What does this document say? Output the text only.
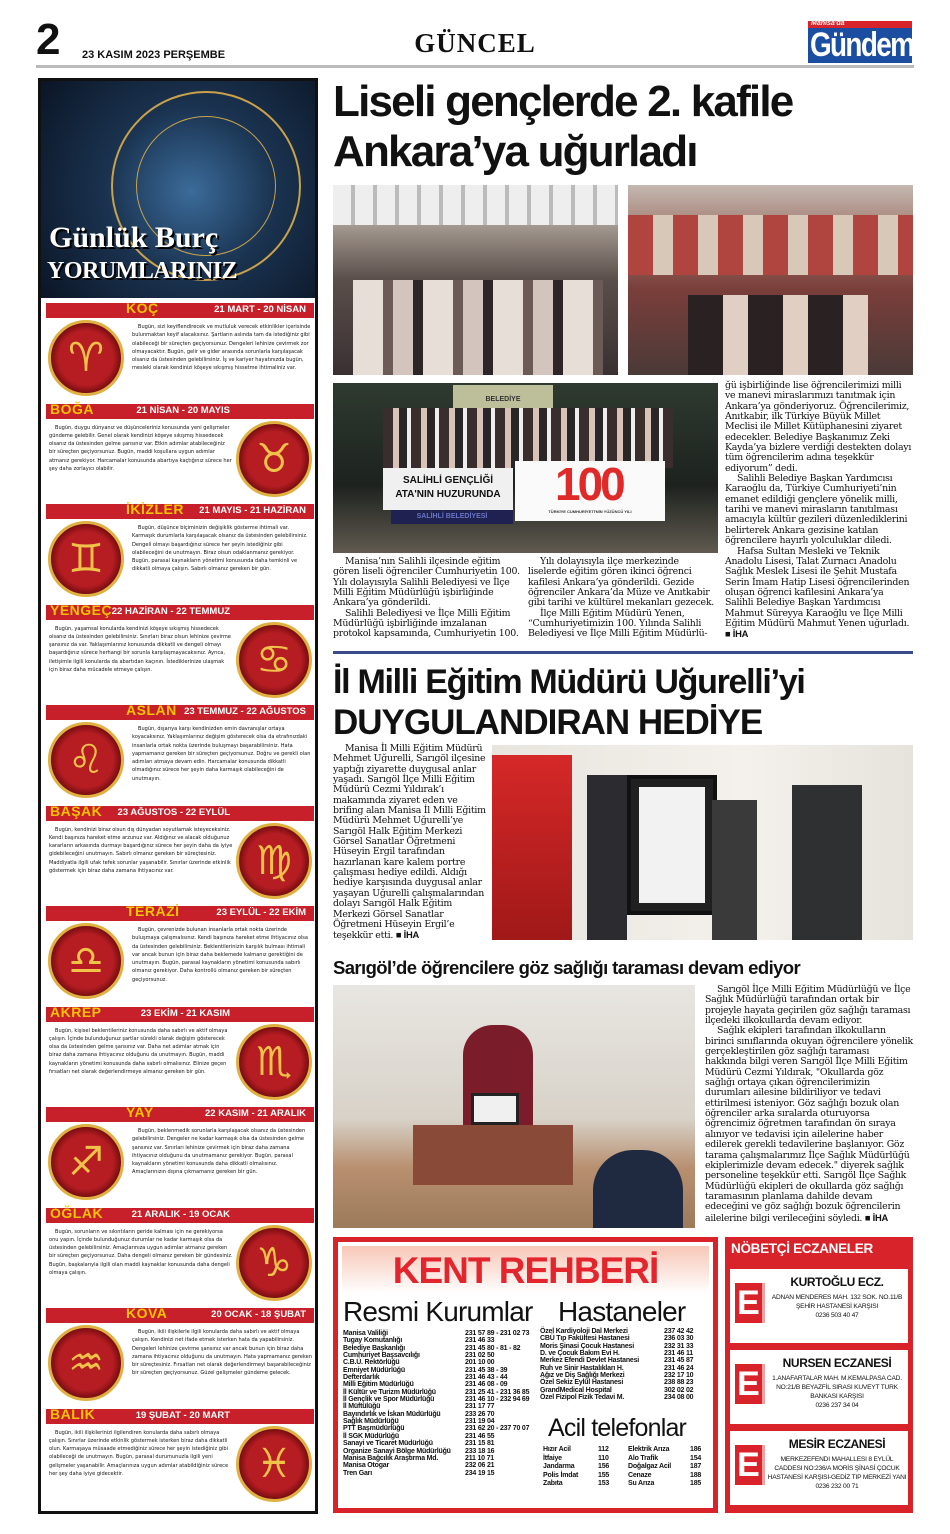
2 23 KASIM 2023 PERŞEMBE	GÜNCEL
Manisa'da
Gündem
Günlük Burç
YORUMLARINIZ
KOÇ	21 MART - 20 NİSAN
♈
Bugün, sizi keyiflendirecek ve mutluluk verecek etkinlikler içerisinde bulunmaktan keyif alacaksınız. Şartların aslında tam da istediğiniz gibi olabileceği bir süreçten geçiyorsunuz. Dengeleri lehinize çevirmek zor olmayacaktır. Bugün, gelir ve gider arasında sorunlarla karşılaşacak olsanız da üstesinden gelebilirsiniz. İş ve kariyer hayatınızda bugün, mesleki olarak kendinizi köşeye sıkışmış hissetme ihtimaliniz var.
BOĞA	21 NİSAN - 20 MAYIS
♉
Bugün, duygu dünyanız ve düşünceleriniz konusunda yeni gelişmeler gündeme gelebilir. Genel olarak kendinizi köşeye sıkışmış hissedecek olsanız da üstesinden gelme şansınız var. Etkin adımlar atabileceğiniz bir süreçten geçiyorsunuz. Bugün, maddi koşullara uygun adımlar atmanız gerekiyor. Harcamalar konusunda abartıya kaçtığınız sürece her şey daha zorlayıcı olabilir.
İKİZLER 21 MAYIS - 21 HAZİRAN
♊
Bugün, düşünce biçiminizin değişiklik gösterme ihtimali var. Karmaşık durumlarla karşılaşacak olsanız da üstesinden gelebilirsiniz. Dengeli olmayı başardığınız sürece her şeyin istediğiniz gibi olabileceğini de unutmayın. Biraz olsun odaklanmanız gerekiyor. Bugün, parasal kaynakların yönetimi konusunda daha temkinli ve dikkatli olmaya çalışın. Sabırlı olmanız gereken bir gün.
YENGEÇ 22 HAZİRAN - 22 TEMMUZ
♋
Bugün, yaşamsal konularda kendinizi köşeye sıkışmış hissedecek olsanız da üstesinden gelebilirsiniz. Sınırları biraz olsun lehinize çevirme şansınız da var. Yaklaşımlarınız konusunda dikkatli ve dengeli olmayı başardığınız sürece herhangi bir sorunla karşılaşmayacaksınız. Ayrıca, iletişimle ilgili konularda da abartıdan kaçının. İstediklerinize ulaşmak için biraz daha mücadele etmeye çalışın.
ASLAN 23 TEMMUZ - 22 AĞUSTOS
♌
Bugün, dışarıya karşı kendinizden emin davranışlar ortaya koyacaksınız. Yaklaşımlarınız değişim gösterecek olsa da etrafınızdaki insanlarla ortak nokta üzerinde buluşmayı başarabilirsiniz. Hata yapmamanız gereken bir süreçten geçiyorsunuz. Doğru ve gerekli olan adımları atmaya devam edin. Harcamalar konusunda dikkatli olmadığınız sürece her şeyin daha karmaşık olabileceğini de unutmayın.
BAŞAK 23 AĞUSTOS - 22 EYLÜL
♍
Bugün, kendinizi biraz olsun dış dünyadan soyutlamak isteyeceksiniz. Kendi başınıza hareket etme arzunuz var. Aldığınız ve alacak olduğunuz kararların arkasında durmayı başardığınız sürece her şeyin daha da iyiye gidebileceğini unutmayın. Sabırlı olmanız gereken bir süreçtesiniz. Maddiyatla ilgili ufak tefek sorunlar yaşanabilir. Sınırlar üzerinde etkinlik göstermek için biraz daha zamana ihtiyacınız var.
TERAZİ	23 EYLÜL - 22 EKİM
♎
Bugün, çevrenizde bulunan insanlarla ortak nokta üzerinde buluşmaya çalışmalısınız. Kendi başınıza hareket etme ihtiyacınız olsa da üstesinden gelebilirsiniz. Beklentilerinizin karşılık bulması ihtimali var ancak bunun için biraz daha beklemede kalmanız gerektiğini de unutmayın. Bugün, parasal kaynakların yönetimi konusunda sabırlı olmanız gerekiyor. Daha kontrollü olmanız gereken bir süreçten geçiyorsunuz.
AKREP	23 EKİM - 21 KASIM
♏
Bugün, kişisel beklentileriniz konusunda daha sabırlı ve aktif olmaya çalışın. İçinde bulunduğunuz şartlar sürekli olarak değişim gösterecek olsa da üstesinden gelme şansınız var. Daha net adımlar atmak için biraz daha zamana ihtiyacınız olduğunu da unutmayın. Bugün, maddi kaynakların yönetimi konusunda daha sabırlı olmalısınız. Elinize geçen fırsatları net olarak değerlendirmeye almanız gereken bir gün.
YAY	22 KASIM - 21 ARALIK
♐
Bugün, beklenmedik sorunlarla karşılaşacak olsanız da üstesinden gelebilirsiniz. Dengeler ne kadar karmaşık olsa da üstesinden gelme şansınız var. Sınırları lehinize çevirmek için biraz daha zamana ihtiyacınız olduğunu da unutmamanız gerekiyor. Bugün, parasal kaynakların yönetimi konusunda daha dikkatli olmalısınız. Amaçlarınızın dışına çıkmamanız gereken bir gün.
OĞLAK	21 ARALIK - 19 OCAK
♑
Bugün, sorunların ve sıkıntıların geride kalması için ne gerekiyorsa onu yapın. İçinde bulunduğunuz durumlar ne kadar karmaşık olsa da üstesinden gelebilirsiniz. Amaçlarınıza uygun adımlar atmanız gereken bir süreçten geçiyorsunuz. Daha dengeli olmanız gereken bir gündesiniz. Bugün, başkalarıyla ilgili olan maddi kaynaklar konusunda daha dengeli olmaya çalışın.
KOVA	20 OCAK - 18 ŞUBAT
♒
Bugün, ikili ilişkilerle ilgili konularda daha sabırlı ve aktif olmaya çalışın. Kendinizi net ifade etmek isterken hata da yapabilirsiniz. Dengeleri lehinize çevirme şansınız var ancak bunun için biraz daha zamana ihtiyacınız olduğunu da unutmayın. Hata yapmamanız gereken bir süreçtesiniz. Fırsatları net olarak değerlendirmeyi başarabileceğiniz bir süreçten geçiyorsunuz. Güzel gelişmeler gündeme gelecek.
BALIK	19 ŞUBAT - 20 MART
♓
Bugün, ikili ilişkilerinizi ilgilendiren konularda daha sabırlı olmaya çalışın. Sınırlar üzerinde etkinlik göstermek isterken biraz daha dikkatli olun. Karmaşaya müsaade etmediğiniz sürece her şeyin istediğiniz gibi olabileceği de unutmayın. Bugün, parasal durumunuzla ilgili yeni gelişmeler yaşanabilir. Amaçlarınıza uygun adımlar atabildiğiniz sürece her şey daha iyiye gidecektir.
Liseli gençlerde 2. kafile
Ankara’ya uğurladı
BELEDİYE
SALİHLİ GENÇLİĞİ
ATA'NIN HUZURUNDA
SALİHLİ BELEDİYESİ
100
TÜRKİYE CUMHURİYETİ'NİN YÜZÜNCÜ YILI

Manisa’nın Salihli ilçesinde eğitim gören liseli öğrenciler Cumhuriyetin 100. Yılı dolayısıyla Salihli Belediyesi ve İlçe Milli Eğitim Müdürlüğü işbirliğinde Ankara’ya gönderildi.

Salihli Belediyesi ve İlçe Milli Eğitim Müdürlüğü işbirliğinde imzalanan protokol kapsamında, Cumhuriyetin 100.

Yılı dolayısıyla ilçe merkezinde liselerde eğitim gören ikinci öğrenci kafilesi Ankara’ya gönderildi. Gezide öğrenciler Ankara’da Müze ve Anıtkabir gibi tarihi ve kültürel mekanları gezecek.

İlçe Milli Eğitim Müdürü Yenen, “Cumhuriyetimizin 100. Yılında Salihli Belediyesi ve İlçe Milli Eğitim Müdürlü-

ğü işbirliğinde lise öğrencilerimizi milli ve manevi miraslarımızı tanıtmak için Ankara’ya gönderiyoruz. Öğrencilerimiz, Anıtkabir, ilk Türkiye Büyük Millet Meclisi ile Millet Kütüphanesini ziyaret edecekler. Belediye Başkanımız Zeki Kayda’ya bizlere verdiği destekten dolayı tüm öğrencilerim adına teşekkür ediyorum” dedi.

Salihli Belediye Başkan Yardımcısı Karaoğlu da, Türkiye Cumhuriyeti’nin emanet edildiği gençlere yönelik milli, tarihi ve manevi mirasların tanıtılması amacıyla kültür gezileri düzenlediklerini belirterek Ankara gezisine katılan öğrencilere hayırlı yolculuklar diledi.

Hafsa Sultan Mesleki ve Teknik Anadolu Lisesi, Talat Zurnacı Anadolu Sağlık Meslek Lisesi ile Şehit Mustafa Serin İmam Hatip Lisesi öğrencilerinden oluşan öğrenci kafilesini Ankara’ya Salihli Belediye Başkan Yardımcısı Mahmut Süreyya Karaoğlu ve İlçe Milli Eğitim Müdürü Mahmut Yenen uğurladı. ■ İHA

İl Milli Eğitim Müdürü Uğurelli’yi
DUYGULANDIRAN HEDİYE

Manisa İl Milli Eğitim Müdürü Mehmet Uğurelli, Sarıgöl ilçesine yaptığı ziyarette duygusal anlar yaşadı. Sarıgöl İlçe Milli Eğitim Müdürü Cezmi Yıldırak’ı makamında ziyaret eden ve brifing alan Manisa İl Milli Eğitim Müdürü Mehmet Uğurelli’ye Sarıgöl Halk Eğitim Merkezi Görsel Sanatlar Öğretmeni Hüseyin Ergil tarafından hazırlanan kare kalem portre çalışması hediye edildi. Aldığı hediye karşısında duygusal anlar yaşayan Uğurelli çalışmalarından dolayı Sarıgöl Halk Eğitim Merkezi Görsel Sanatlar Öğretmeni Hüseyin Ergil’e teşekkür etti. ■ İHA

Sarıgöl’de öğrencilere göz sağlığı taraması devam ediyor

Sarıgöl İlçe Milli Eğitim Müdürlüğü ve İlçe Sağlık Müdürlüğü tarafından ortak bir projeyle hayata geçirilen göz sağlığı taraması ilçedeki ilkokullarda devam ediyor.

Sağlık ekipleri tarafından ilkokulların birinci sınıflarında okuyan öğrencilere yönelik gerçekleştirilen göz sağlığı taraması hakkında bilgi veren Sarıgöl İlçe Milli Eğitim Müdürü Cezmi Yıldırak, "Okullarda göz sağlığı ortaya çıkan öğrencilerimizin durumları ailesine bildiriliyor ve tedavi ettirilmesi isteniyor. Göz sağlığı bozuk olan öğrenciler arka sıralarda oturuyorsa öğrencimiz öğretmen tarafından ön sıraya alınıyor ve tedavisi için ailelerine haber edilerek gerekli tedavilerine başlanıyor. Göz tarama çalışmalarımız İlçe Sağlık Müdürlüğü ekiplerimizle devam edecek." diyerek sağlık personeline teşekkür etti. Sarıgöl İlçe Sağlık Müdürlüğü ekipleri de okullarda göz sağlığı taramasının planlama dahilde devam edeceğini ve göz sağlığı bozuk öğrencilerin ailelerine bilgi verileceğini söyledi. ■ İHA

KENT REHBERİ
Resmi Kurumlar Hastaneler
Manisa Valiliği	231 57 89 - 231 02 73
Tugay Komutanlığı	231 46 33
Belediye Başkanlığı	231 45 80 - 81 - 82
Cumhuriyet Başsavcılığı	231 02 50
C.B.Ü. Rektörlüğü	201 10 00
Emniyet Müdürlüğü	231 45 38 - 39
Defterdarlık	231 46 43 - 44
Milli Eğitim Müdürlüğü	231 46 08 - 09
İl Kültür ve Turizm Müdürlüğü	231 25 41 - 231 36 85
İl Gençlik ve Spor Müdürlüğü	231 46 10 - 232 94 69
İl Müftülüğü	231 17 77
Bayındırlık ve İskan Müdürlüğü	233 26 70
Sağlık Müdürlüğü	231 19 04
PTT Başmüdürlüğü	231 62 20 - 237 70 07
İl SGK Müdürlüğü	231 46 55
Sanayi ve Ticaret Müdürlüğü	231 15 81
Organize Sanayi Bölge Müdürlüğü 233 18 16
Manisa Bağcılık Araştırma Md.	211 10 71
Manisa Otogar	232 06 21
Tren Garı	234 19 15
Özel Kardiyoloji Dal Merkezi	237 42 42
CBÜ Tıp Fakültesi Hastanesi	236 03 30
Moris Şinasi Çocuk Hastanesi	232 31 33
D. ve Çocuk Bakım Evi H.	231 46 11
Merkez Efendi Devlet Hastanesi	231 45 87
Ruh ve Sinir Hastalıkları H.	231 46 24
Ağız ve Diş Sağlığı Merkezi	232 17 10
Özel Sekiz Eylül Hastanesi	238 88 23
GrandMedical Hospital	302 02 02
Özel Fizipol Fizik Tedavi M.	234 08 00
Acil telefonlar
Hızır Acil	112
İtfaiye	110
Jandarma	156
Polis İmdat	155
Zabıta	153
Elektrik Arıza	186
Alo Trafik	154
Doğalgaz Acil	187
Cenaze	188
Su Arıza	185
NÖBETÇİ ECZANELER
E
KURTOĞLU ECZ.
ADNAN MENDERES MAH. 132 SOK. NO.11/B ŞEHİR HASTANESİ KARŞISI
0236 503 40 47
E
NURSEN ECZANESİ
1.ANAFARTALAR MAH. M.KEMALPASA CAD. NO:21/B BEYAZFİL SIRASI KUVEYT TURK BANKASI KARŞISI
0236 237 34 04
E
MESİR ECZANESİ
MERKEZEFENDI MAHALLESI 8 EYLÜL CADDESI NO:236/A MORİS ŞİNASİ ÇOCUK HASTANESİ KARŞISI-GEDİZ TIP MERKEZİ YANI
0236 232 00 71
